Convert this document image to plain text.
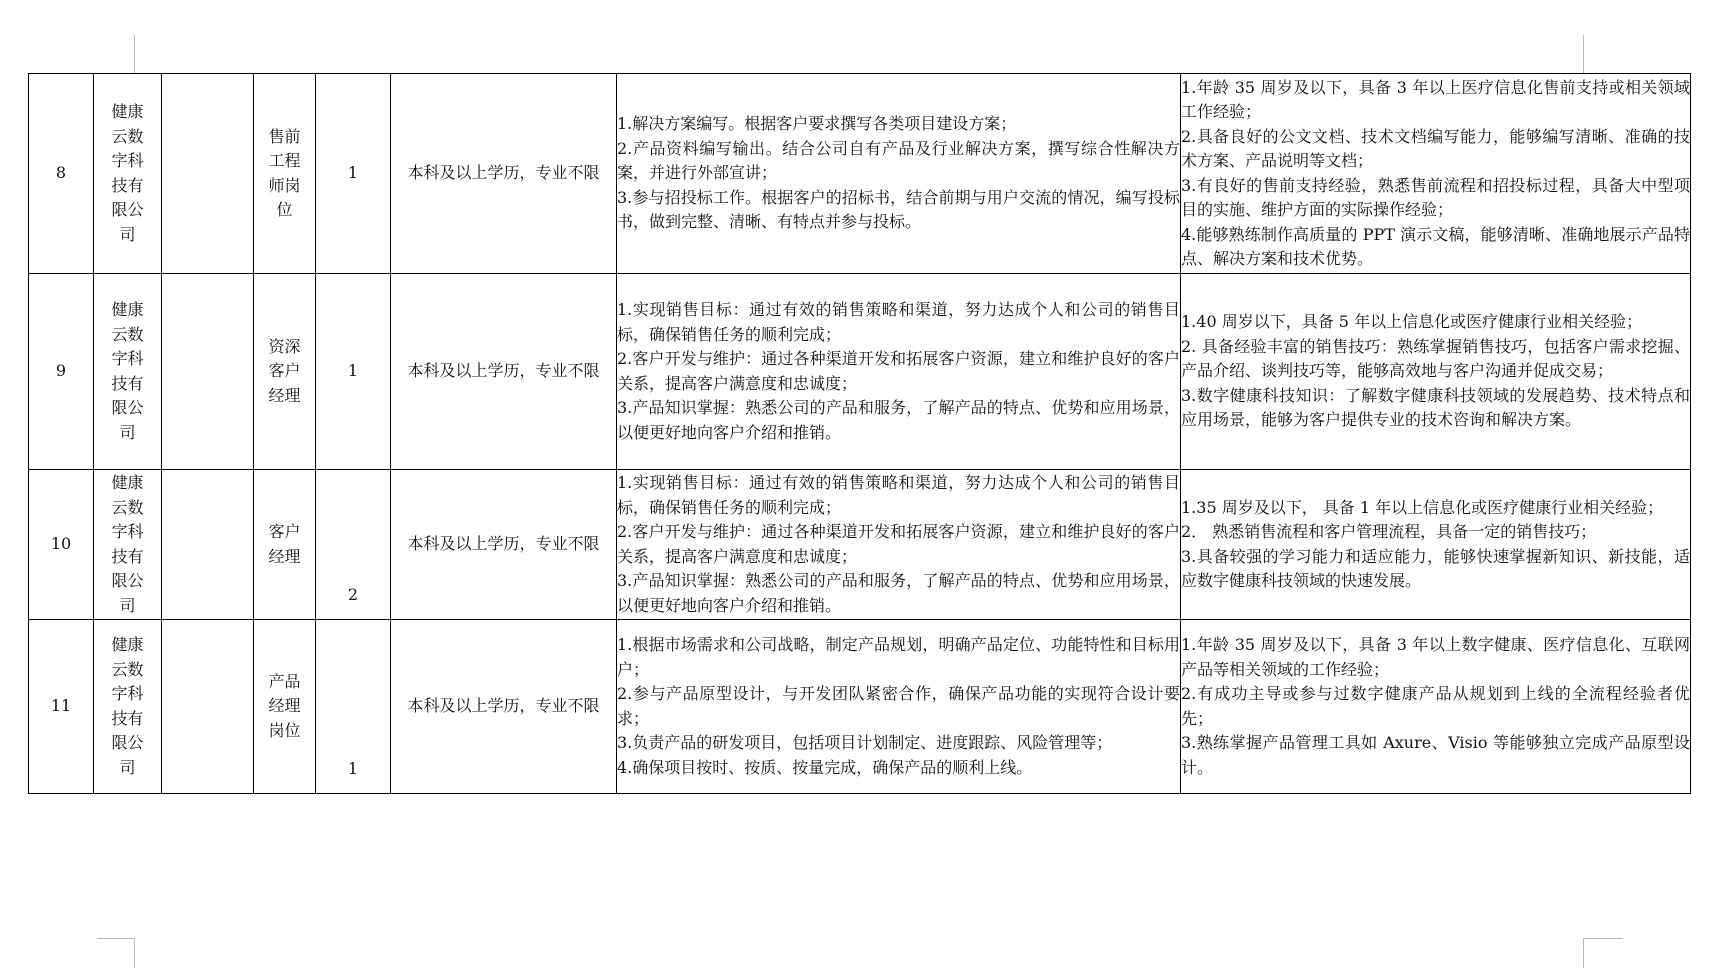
8	健康云数字科技有限公司		售前工程师岗位	1	本科及以上学历，专业不限	1.解决方案编写。根据客户要求撰写各类项目建设方案；
2.产品资料编写输出。结合公司自有产品及行业解决方案，撰写综合性解决方案，并进行外部宣讲；
3.参与招投标工作。根据客户的招标书，结合前期与用户交流的情况，编写投标书，做到完整、清晰、有特点并参与投标。	1.年龄 35 周岁及以下，具备 3 年以上医疗信息化售前支持或相关领域工作经验；
2.具备良好的公文文档、技术文档编写能力，能够编写清晰、准确的技术方案、产品说明等文档；
3.有良好的售前支持经验，熟悉售前流程和招投标过程，具备大中型项目的实施、维护方面的实际操作经验；
4.能够熟练制作高质量的 PPT 演示文稿，能够清晰、准确地展示产品特点、解决方案和技术优势。

9	健康云数字科技有限公司		资深客户经理	1	本科及以上学历，专业不限	1.实现销售目标：通过有效的销售策略和渠道，努力达成个人和公司的销售目标，确保销售任务的顺利完成；
2.客户开发与维护：通过各种渠道开发和拓展客户资源，建立和维护良好的客户关系，提高客户满意度和忠诚度；
3.产品知识掌握：熟悉公司的产品和服务，了解产品的特点、优势和应用场景，以便更好地向客户介绍和推销。	1.40 周岁以下，具备 5 年以上信息化或医疗健康行业相关经验；
2. 具备经验丰富的销售技巧：熟练掌握销售技巧，包括客户需求挖掘、产品介绍、谈判技巧等，能够高效地与客户沟通并促成交易；
3.数字健康科技知识：了解数字健康科技领域的发展趋势、技术特点和应用场景，能够为客户提供专业的技术咨询和解决方案。

10	健康云数字科技有限公司		客户经理	2	本科及以上学历，专业不限	1.实现销售目标：通过有效的销售策略和渠道，努力达成个人和公司的销售目标，确保销售任务的顺利完成；
2.客户开发与维护：通过各种渠道开发和拓展客户资源，建立和维护良好的客户关系，提高客户满意度和忠诚度；
3.产品知识掌握：熟悉公司的产品和服务，了解产品的特点、优势和应用场景，以便更好地向客户介绍和推销。	1.35 周岁及以下， 具备 1 年以上信息化或医疗健康行业相关经验；
2． 熟悉销售流程和客户管理流程，具备一定的销售技巧；
3.具备较强的学习能力和适应能力，能够快速掌握新知识、新技能，适应数字健康科技领域的快速发展。

11	健康云数字科技有限公司		产品经理岗位	1	本科及以上学历，专业不限	1.根据市场需求和公司战略，制定产品规划，明确产品定位、功能特性和目标用户；
2.参与产品原型设计，与开发团队紧密合作，确保产品功能的实现符合设计要求；
3.负责产品的研发项目，包括项目计划制定、进度跟踪、风险管理等；
4.确保项目按时、按质、按量完成，确保产品的顺利上线。	1.年龄 35 周岁及以下，具备 3 年以上数字健康、医疗信息化、互联网产品等相关领域的工作经验；
2.有成功主导或参与过数字健康产品从规划到上线的全流程经验者优先；
3.熟练掌握产品管理工具如 Axure、Visio 等能够独立完成产品原型设计。
